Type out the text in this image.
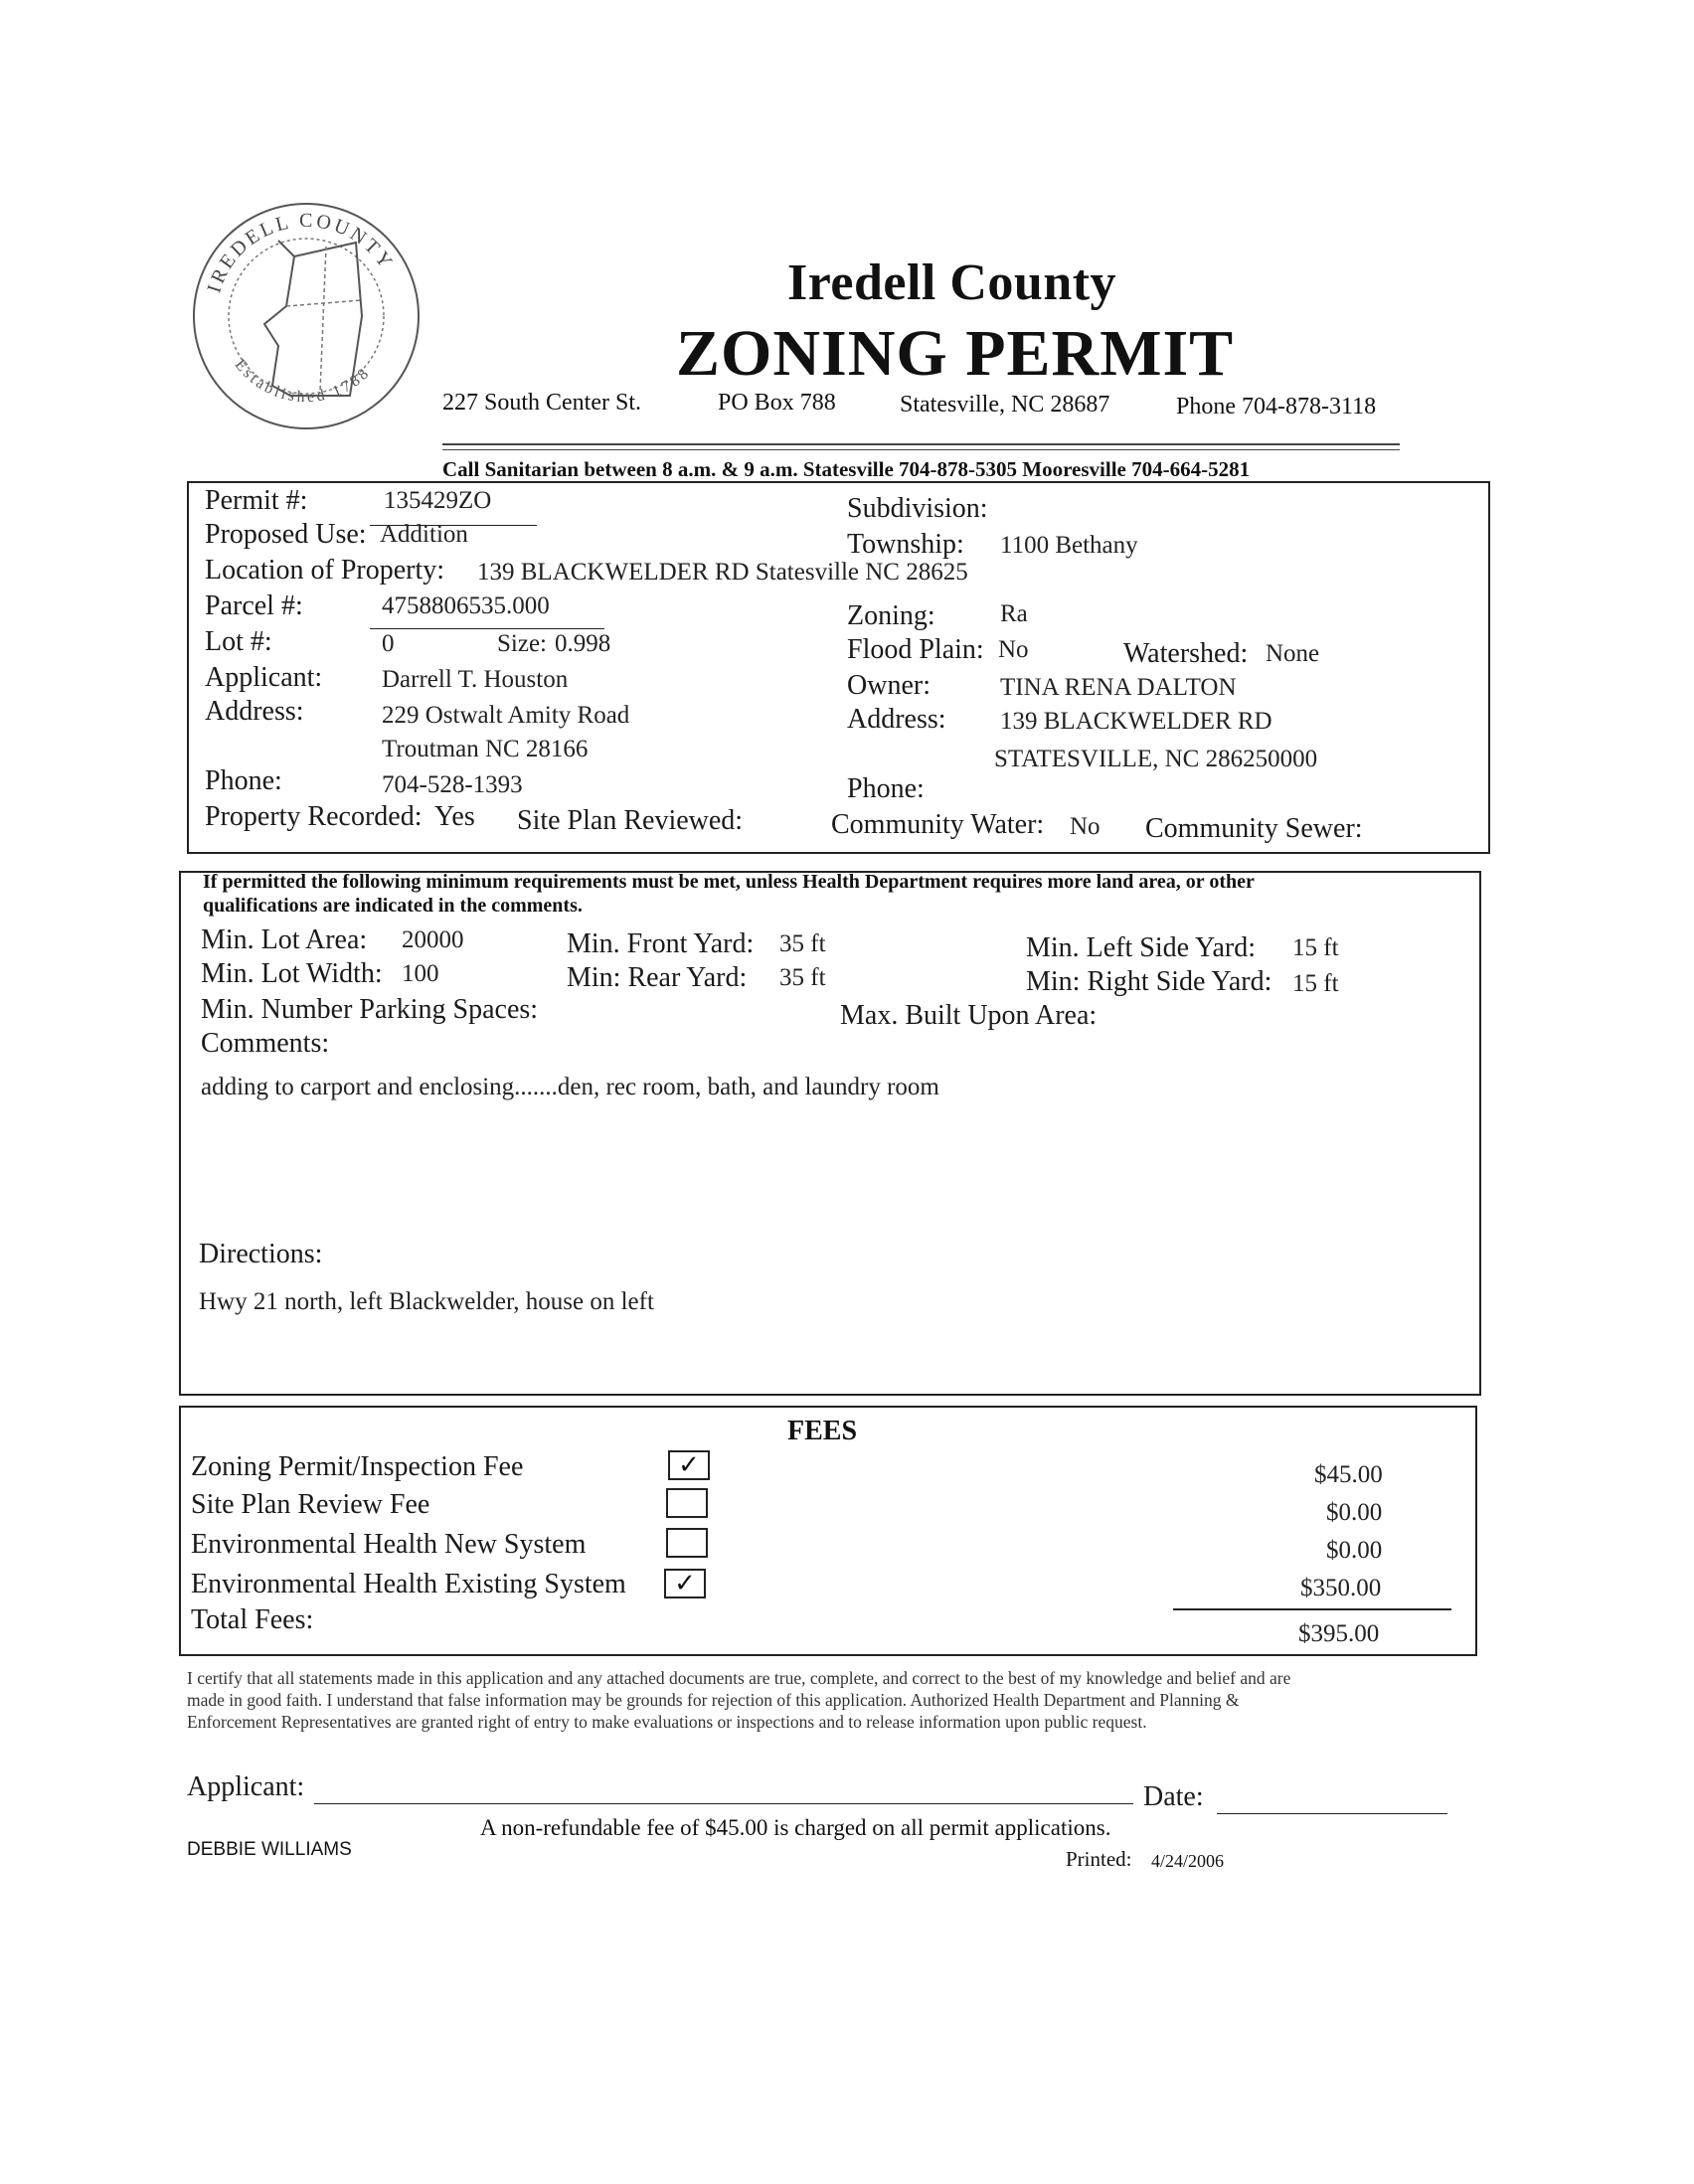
IREDELL COUNTY
Established 1788
Iredell County
ZONING PERMIT
227 South Center St.	PO Box 788	Statesville, NC 28687	Phone 704-878-3118
Call Sanitarian between 8 a.m. & 9 a.m. Statesville 704-878-5305 Mooresville 704-664-5281
Permit #:	135429ZO	Subdivision:
Proposed Use: Addition	Township: 1100 Bethany
Location of Property: 139 BLACKWELDER RD Statesville NC 28625
Parcel #:	4758806535.000	Zoning:	Ra
Lot #:	0	Size: 0.998	Flood Plain: No	Watershed: None
Applicant: Darrell T. Houston	Owner:	TINA RENA DALTON
Address:	229 Ostwalt Amity Road	Address: 139 BLACKWELDER RD
Troutman NC 28166	STATESVILLE, NC 286250000
Phone:	704-528-1393	Phone:
Property Recorded: Yes Site Plan Reviewed:	Community Water: No Community Sewer:
If permitted the following minimum requirements must be met, unless Health Department requires more land area, or other
qualifications are indicated in the comments.
Min. Lot Area: 20000	Min. Front Yard: 35 ft	Min. Left Side Yard: 15 ft
Min. Lot Width: 100	Min: Rear Yard: 35 ft	Min: Right Side Yard: 15 ft
Min. Number Parking Spaces:	Max. Built Upon Area:
Comments:
adding to carport and enclosing.......den, rec room, bath, and laundry room
Directions:
Hwy 21 north, left Blackwelder, house on left
FEES
Zoning Permit/Inspection Fee	✓	$45.00
Site Plan Review Fee	$0.00
Environmental Health New System	$0.00
Environmental Health Existing System	✓	$350.00
Total Fees:	$395.00
I certify that all statements made in this application and any attached documents are true, complete, and correct to the best of my knowledge and belief and are
made in good faith. I understand that false information may be grounds for rejection of this application. Authorized Health Department and Planning &
Enforcement Representatives are granted right of entry to make evaluations or inspections and to release information upon public request.
Applicant:	Date:
A non-refundable fee of $45.00 is charged on all permit applications.
DEBBIE WILLIAMS	Printed: 4/24/2006
